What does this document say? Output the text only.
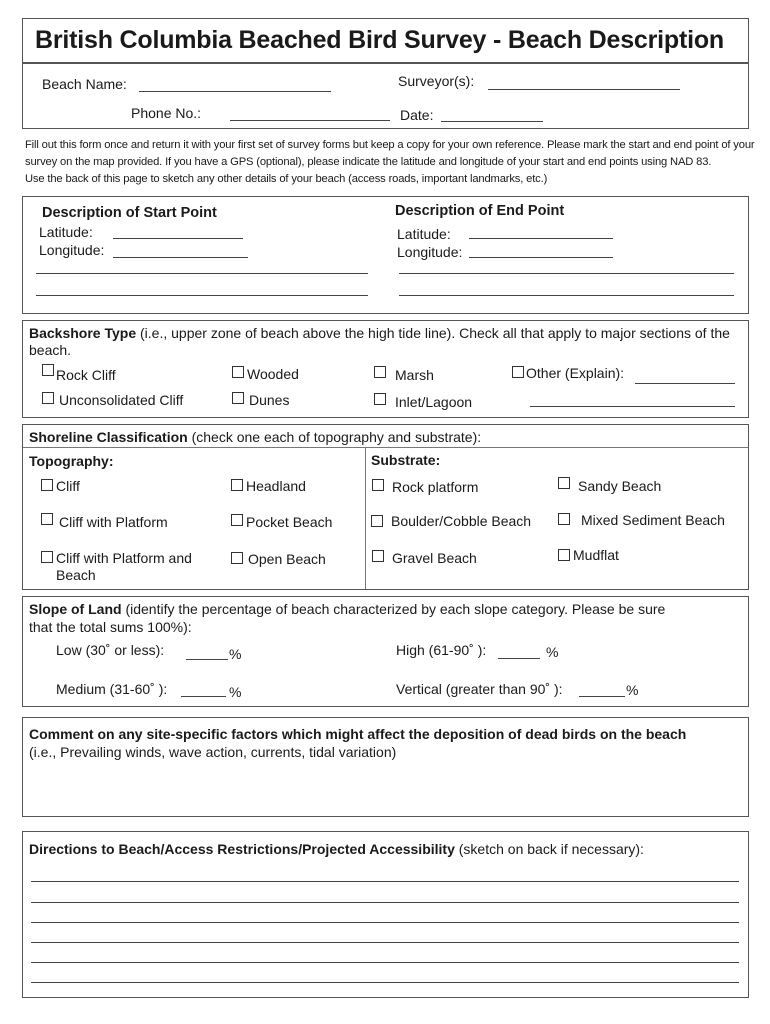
British Columbia Beached Bird Survey - Beach Description
Beach Name:	Surveyor(s):
Phone No.:	Date:
Fill out this form once and return it with your first set of survey forms but keep a copy for your own reference. Please mark the start and end point of your
survey on the map provided. If you have a GPS (optional), please indicate the latitude and longitude of your start and end points using NAD 83.
Use the back of this page to sketch any other details of your beach (access roads, important landmarks, etc.)
Description of Start Point
Latitude:
Longitude:
Description of End Point
Latitude:
Longitude:
Backshore Type (i.e., upper zone of beach above the high tide line). Check all that apply to major sections of the
beach.
Rock Cliff	Wooded	Marsh	Other (Explain):
Unconsolidated Cliff	Dunes	Inlet/Lagoon
Shoreline Classification (check one each of topography and substrate):
Topography:	Substrate:
Cliff	Headland	Rock platform	Sandy Beach
Cliff with Platform	Pocket Beach	Boulder/Cobble Beach	Mixed Sediment Beach
Cliff with Platform and
Beach
Open Beach	Gravel Beach	Mudflat
Slope of Land (identify the percentage of beach characterized by each slope category. Please be sure
that the total sums 100%):
Low (30˚ or less):	%	High (61-90˚ ):	%
Medium (31-60˚ ):	%	Vertical (greater than 90˚ ):	%
Comment on any site-specific factors which might affect the deposition of dead birds on the beach
(i.e., Prevailing winds, wave action, currents, tidal variation)
Directions to Beach/Access Restrictions/Projected Accessibility (sketch on back if necessary):
